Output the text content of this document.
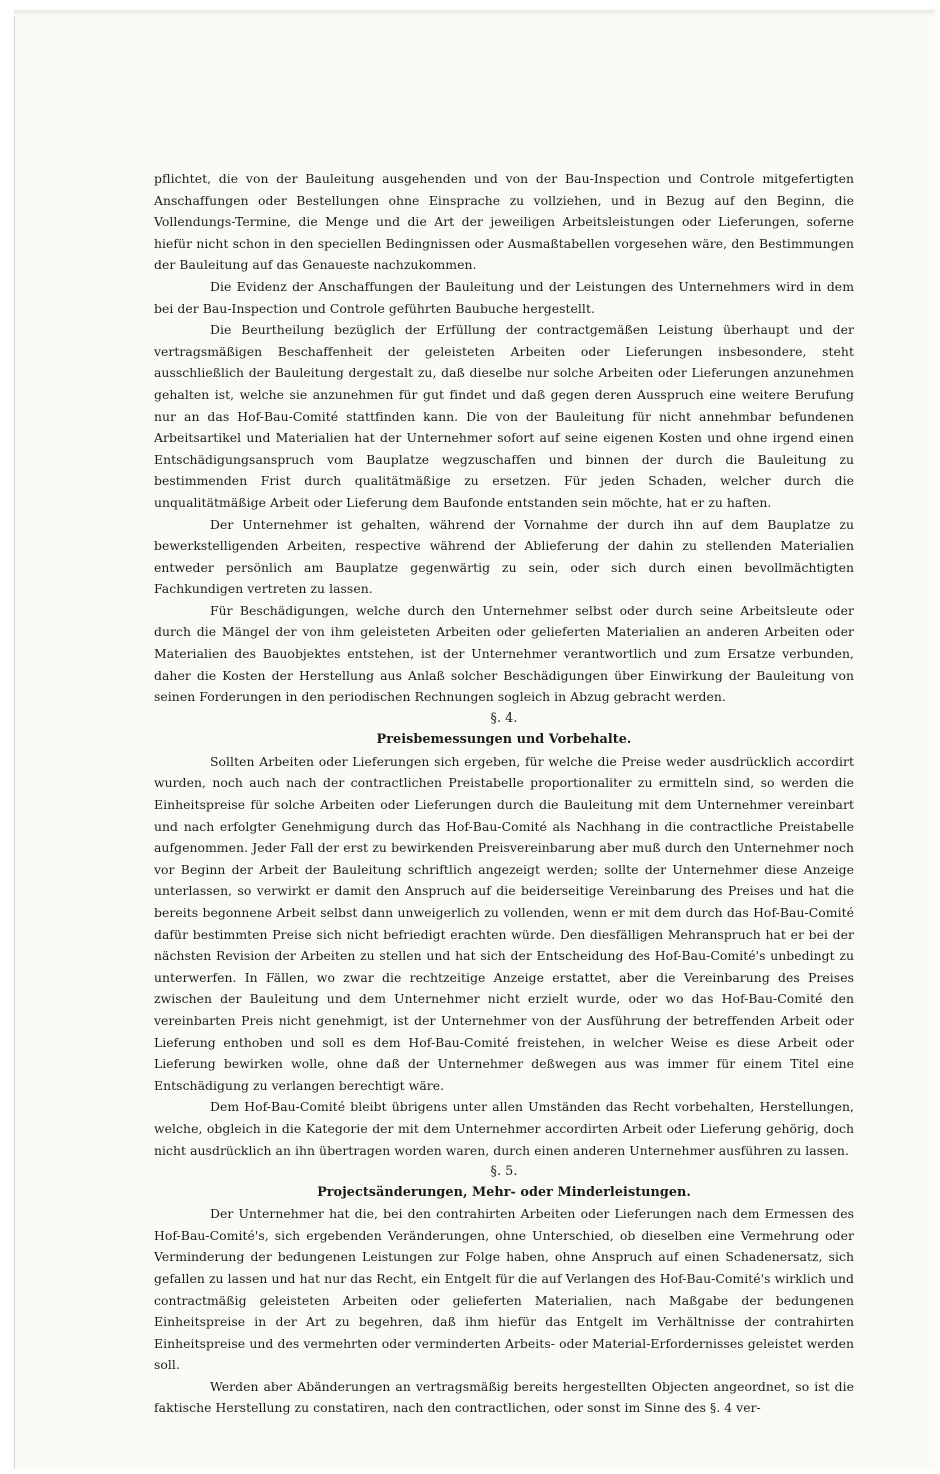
pflichtet, die von der Bauleitung ausgehenden und von der Bau-Inspection und Controle mitgefertigten Anschaffungen oder Bestellungen ohne Einsprache zu vollziehen, und in Bezug auf den Beginn, die Vollendungs-Termine, die Menge und die Art der jeweiligen Arbeitsleistungen oder Lieferungen, soferne hiefür nicht schon in den speciellen Bedingnissen oder Ausmaßtabellen vorgesehen wäre, den Bestimmungen der Bauleitung auf das Genaueste nachzukommen.

Die Evidenz der Anschaffungen der Bauleitung und der Leistungen des Unternehmers wird in dem bei der Bau-Inspection und Controle geführten Baubuche hergestellt.

Die Beurtheilung bezüglich der Erfüllung der contractgemäßen Leistung überhaupt und der vertragsmäßigen Beschaffenheit der geleisteten Arbeiten oder Lieferungen insbesondere, steht ausschließlich der Bauleitung dergestalt zu, daß dieselbe nur solche Arbeiten oder Lieferungen anzunehmen gehalten ist, welche sie anzunehmen für gut findet und daß gegen deren Ausspruch eine weitere Berufung nur an das Hof-Bau-Comité stattfinden kann. Die von der Bauleitung für nicht annehmbar befundenen Arbeitsartikel und Materialien hat der Unternehmer sofort auf seine eigenen Kosten und ohne irgend einen Entschädigungsanspruch vom Bauplatze wegzuschaffen und binnen der durch die Bauleitung zu bestimmenden Frist durch qualitätmäßige zu ersetzen. Für jeden Schaden, welcher durch die unqualitätmäßige Arbeit oder Lieferung dem Baufonde entstanden sein möchte, hat er zu haften.

Der Unternehmer ist gehalten, während der Vornahme der durch ihn auf dem Bauplatze zu bewerkstelligenden Arbeiten, respective während der Ablieferung der dahin zu stellenden Materialien entweder persönlich am Bauplatze gegenwärtig zu sein, oder sich durch einen bevollmächtigten Fachkundigen vertreten zu lassen.

Für Beschädigungen, welche durch den Unternehmer selbst oder durch seine Arbeitsleute oder durch die Mängel der von ihm geleisteten Arbeiten oder gelieferten Materialien an anderen Arbeiten oder Materialien des Bauobjektes entstehen, ist der Unternehmer verantwortlich und zum Ersatze verbunden, daher die Kosten der Herstellung aus Anlaß solcher Beschädigungen über Einwirkung der Bauleitung von seinen Forderungen in den periodischen Rechnungen sogleich in Abzug gebracht werden.

§. 4.

Preisbemessungen und Vorbehalte.

Sollten Arbeiten oder Lieferungen sich ergeben, für welche die Preise weder ausdrücklich accordirt wurden, noch auch nach der contractlichen Preistabelle proportionaliter zu ermitteln sind, so werden die Einheitspreise für solche Arbeiten oder Lieferungen durch die Bauleitung mit dem Unternehmer vereinbart und nach erfolgter Genehmigung durch das Hof-Bau-Comité als Nachhang in die contractliche Preistabelle aufgenommen. Jeder Fall der erst zu bewirkenden Preisvereinbarung aber muß durch den Unternehmer noch vor Beginn der Arbeit der Bauleitung schriftlich angezeigt werden; sollte der Unternehmer diese Anzeige unterlassen, so verwirkt er damit den Anspruch auf die beiderseitige Vereinbarung des Preises und hat die bereits begonnene Arbeit selbst dann unweigerlich zu vollenden, wenn er mit dem durch das Hof-Bau-Comité dafür bestimmten Preise sich nicht befriedigt erachten würde. Den diesfälligen Mehranspruch hat er bei der nächsten Revision der Arbeiten zu stellen und hat sich der Entscheidung des Hof-Bau-Comité's unbedingt zu unterwerfen. In Fällen, wo zwar die rechtzeitige Anzeige erstattet, aber die Vereinbarung des Preises zwischen der Bauleitung und dem Unternehmer nicht erzielt wurde, oder wo das Hof-Bau-Comité den vereinbarten Preis nicht genehmigt, ist der Unternehmer von der Ausführung der betreffenden Arbeit oder Lieferung enthoben und soll es dem Hof-Bau-Comité freistehen, in welcher Weise es diese Arbeit oder Lieferung bewirken wolle, ohne daß der Unternehmer deßwegen aus was immer für einem Titel eine Entschädigung zu verlangen berechtigt wäre.

Dem Hof-Bau-Comité bleibt übrigens unter allen Umständen das Recht vorbehalten, Herstellungen, welche, obgleich in die Kategorie der mit dem Unternehmer accordirten Arbeit oder Lieferung gehörig, doch nicht ausdrücklich an ihn übertragen worden waren, durch einen anderen Unternehmer ausführen zu lassen.

§. 5.

Projectsänderungen, Mehr- oder Minderleistungen.

Der Unternehmer hat die, bei den contrahirten Arbeiten oder Lieferungen nach dem Ermessen des Hof-Bau-Comité's, sich ergebenden Veränderungen, ohne Unterschied, ob dieselben eine Vermehrung oder Verminderung der bedungenen Leistungen zur Folge haben, ohne Anspruch auf einen Schadenersatz, sich gefallen zu lassen und hat nur das Recht, ein Entgelt für die auf Verlangen des Hof-Bau-Comité's wirklich und contractmäßig geleisteten Arbeiten oder gelieferten Materialien, nach Maßgabe der bedungenen Einheitspreise in der Art zu begehren, daß ihm hiefür das Entgelt im Verhältnisse der contrahirten Einheitspreise und des vermehrten oder verminderten Arbeits- oder Material-Erfordernisses geleistet werden soll.

Werden aber Abänderungen an vertragsmäßig bereits hergestellten Objecten angeordnet, so ist die faktische Herstellung zu constatiren, nach den contractlichen, oder sonst im Sinne des §. 4 ver-
